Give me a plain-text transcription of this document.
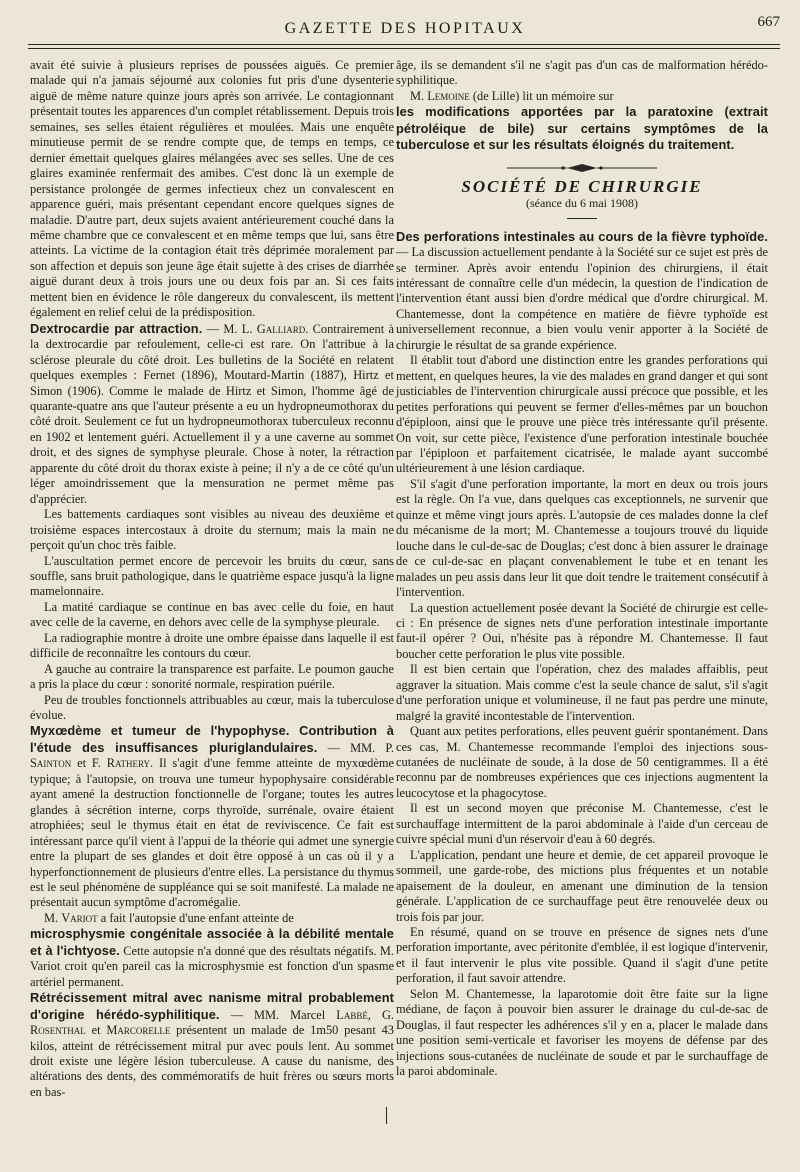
GAZETTE DES HOPITAUX	667

avait été suivie à plusieurs reprises de poussées aiguës. Ce premier malade qui n'a jamais séjourné aux colonies fut pris d'une dysenterie aiguë de même nature quinze jours après son arrivée. Le contagionnant présentait toutes les apparences d'un complet rétablissement. Depuis trois semaines, ses selles étaient régulières et moulées. Mais une enquête minutieuse permit de se rendre compte que, de temps en temps, ce dernier émettait quelques glaires mélangées avec ses selles. Une de ces glaires examinée renfermait des amibes. C'est donc là un exemple de persistance prolongée de germes infectieux chez un convalescent en apparence guéri, mais présentant cependant encore quelques signes de maladie. D'autre part, deux sujets avaient antérieurement couché dans la même chambre que ce convalescent et en même temps que lui, sans être atteints. La victime de la contagion était très déprimée moralement par son affection et depuis son jeune âge était sujette à des crises de diarrhée aiguë durant deux à trois jours une ou deux fois par an. Si ces faits mettent bien en évidence le rôle dangereux du convalescent, ils mettent également en relief celui de la prédisposition.

Dextrocardie par attraction. — M. L. Galliard. Contrairement à la dextrocardie par refoulement, celle-ci est rare. On l'attribue à la sclérose pleurale du côté droit. Les bulletins de la Société en relatent quelques exemples : Fernet (1896), Moutard-Martin (1887), Hirtz et Simon (1906). Comme le malade de Hirtz et Simon, l'homme âgé de quarante-quatre ans que l'auteur présente a eu un hydropneumothorax du côté droit. Seulement ce fut un hydropneumothorax tuberculeux reconnu en 1902 et lentement guéri. Actuellement il y a une caverne au sommet droit, et des signes de symphyse pleurale. Chose à noter, la rétraction apparente du côté droit du thorax existe à peine; il n'y a de ce côté qu'un léger amoindrissement que la mensuration ne permet même pas d'apprécier.

Les battements cardiaques sont visibles au niveau des deuxième et troisième espaces intercostaux à droite du sternum; mais la main ne perçoit qu'un choc très faible.

L'auscultation permet encore de percevoir les bruits du cœur, sans souffle, sans bruit pathologique, dans le quatrième espace jusqu'à la ligne mamelonnaire.

La matité cardiaque se continue en bas avec celle du foie, en haut avec celle de la caverne, en dehors avec celle de la symphyse pleurale.

La radiographie montre à droite une ombre épaisse dans laquelle il est difficile de reconnaître les contours du cœur.

A gauche au contraire la transparence est parfaite. Le poumon gauche a pris la place du cœur : sonorité normale, respiration puérile.

Peu de troubles fonctionnels attribuables au cœur, mais la tuberculose évolue.

Myxœdème et tumeur de l'hypophyse. Contribution à l'étude des insuffisances pluriglandulaires. — MM. P. Sainton et F. Rathery. Il s'agit d'une femme atteinte de myxœdème typique; à l'autopsie, on trouva une tumeur hypophysaire considérable ayant amené la destruction fonctionnelle de l'organe; toutes les autres glandes à sécrétion interne, corps thyroïde, surrénale, ovaire étaient atrophiées; seul le thymus était en état de reviviscence. Ce fait est intéressant parce qu'il vient à l'appui de la théorie qui admet une synergie entre la plupart de ses glandes et doit être opposé à un cas où il y a hyperfonctionnement de plusieurs d'entre elles. La persistance du thymus est le seul phénomène de suppléance qui se soit manifesté. La malade ne présentait aucun symptôme d'acromégalie.

M. Variot a fait l'autopsie d'une enfant atteinte de

microsphysmie congénitale associée à la débilité mentale et à l'ichtyose. Cette autopsie n'a donné que des résultats négatifs. M. Variot croit qu'en pareil cas la microsphysmie est fonction d'un spasme artériel permanent.

Rétrécissement mitral avec nanisme mitral probablement d'origine hérédo-syphilitique. — MM. Marcel Labbé, G. Rosenthal et Marcorelle présentent un malade de 1m50 pesant 43 kilos, atteint de rétrécissement mitral pur avec pouls lent. Au sommet droit existe une légère lésion tuberculeuse. A cause du nanisme, des altérations des dents, des commémoratifs de huit frères ou sœurs morts en bas-

âge, ils se demandent s'il ne s'agit pas d'un cas de malformation hérédo-syphilitique.

M. Lemoine (de Lille) lit un mémoire sur

les modifications apportées par la paratoxine (extrait pétroléique de bile) sur certains symptômes de la tuberculose et sur les résultats éloignés du traitement.

SOCIÉTÉ DE CHIRURGIE
(séance du 6 mai 1908)

Des perforations intestinales au cours de la fièvre typhoïde. — La discussion actuellement pendante à la Société sur ce sujet est près de se terminer. Après avoir entendu l'opinion des chirurgiens, il était intéressant de connaître celle d'un médecin, la question de l'indication de l'intervention étant aussi bien d'ordre médical que d'ordre chirurgical. M. Chantemesse, dont la compétence en matière de fièvre typhoïde est universellement reconnue, a bien voulu venir apporter à la Société de chirurgie le résultat de sa grande expérience.

Il établit tout d'abord une distinction entre les grandes perforations qui mettent, en quelques heures, la vie des malades en grand danger et qui sont justiciables de l'intervention chirurgicale aussi précoce que possible, et les petites perforations qui peuvent se fermer d'elles-mêmes par un bouchon d'épiploon, ainsi que le prouve une pièce très intéressante qu'il présente. On voit, sur cette pièce, l'existence d'une perforation intestinale bouchée par l'épiploon et parfaitement cicatrisée, le malade ayant succombé ultérieurement à une lésion cardiaque.

S'il s'agit d'une perforation importante, la mort en deux ou trois jours est la règle. On l'a vue, dans quelques cas exceptionnels, ne survenir que quinze et même vingt jours après. L'autopsie de ces malades donne la clef du mécanisme de la mort; M. Chantemesse a toujours trouvé du liquide louche dans le cul-de-sac de Douglas; c'est donc à bien assurer le drainage de ce cul-de-sac en plaçant convenablement le tube et en tenant les malades un peu assis dans leur lit que doit tendre le traitement consécutif à l'intervention.

La question actuellement posée devant la Société de chirurgie est celle-ci : En présence de signes nets d'une perforation intestinale importante faut-il opérer ? Oui, n'hésite pas à répondre M. Chantemesse. Il faut boucher cette perforation le plus vite possible.

Il est bien certain que l'opération, chez des malades affaiblis, peut aggraver la situation. Mais comme c'est la seule chance de salut, s'il s'agit d'une perforation unique et volumineuse, il ne faut pas perdre une minute, malgré la gravité incontestable de l'intervention.

Quant aux petites perforations, elles peuvent guérir spontanément. Dans ces cas, M. Chantemesse recommande l'emploi des injections sous-cutanées de nucléinate de soude, à la dose de 50 centigrammes. Il a été reconnu par de nombreuses expériences que ces injections augmentent la leucocytose et la phagocytose.

Il est un second moyen que préconise M. Chantemesse, c'est le surchauffage intermittent de la paroi abdominale à l'aide d'un cerceau de cuivre spécial muni d'un réservoir d'eau à 60 degrés.

L'application, pendant une heure et demie, de cet appareil provoque le sommeil, une garde-robe, des mictions plus fréquentes et un notable apaisement de la douleur, en amenant une diminution de la tension générale. L'application de ce surchauffage peut être renouvelée deux ou trois fois par jour.

En résumé, quand on se trouve en présence de signes nets d'une perforation importante, avec péritonite d'emblée, il est logique d'intervenir, et il faut intervenir le plus vite possible. Quand il s'agit d'une petite perforation, il faut savoir attendre.

Selon M. Chantemesse, la laparotomie doit être faite sur la ligne médiane, de façon à pouvoir bien assurer le drainage du cul-de-sac de Douglas, il faut respecter les adhérences s'il y en a, placer le malade dans une position semi-verticale et favoriser les moyens de défense par des injections sous-cutanées de nucléinate de soude et par le surchauffage de la paroi abdominale.
